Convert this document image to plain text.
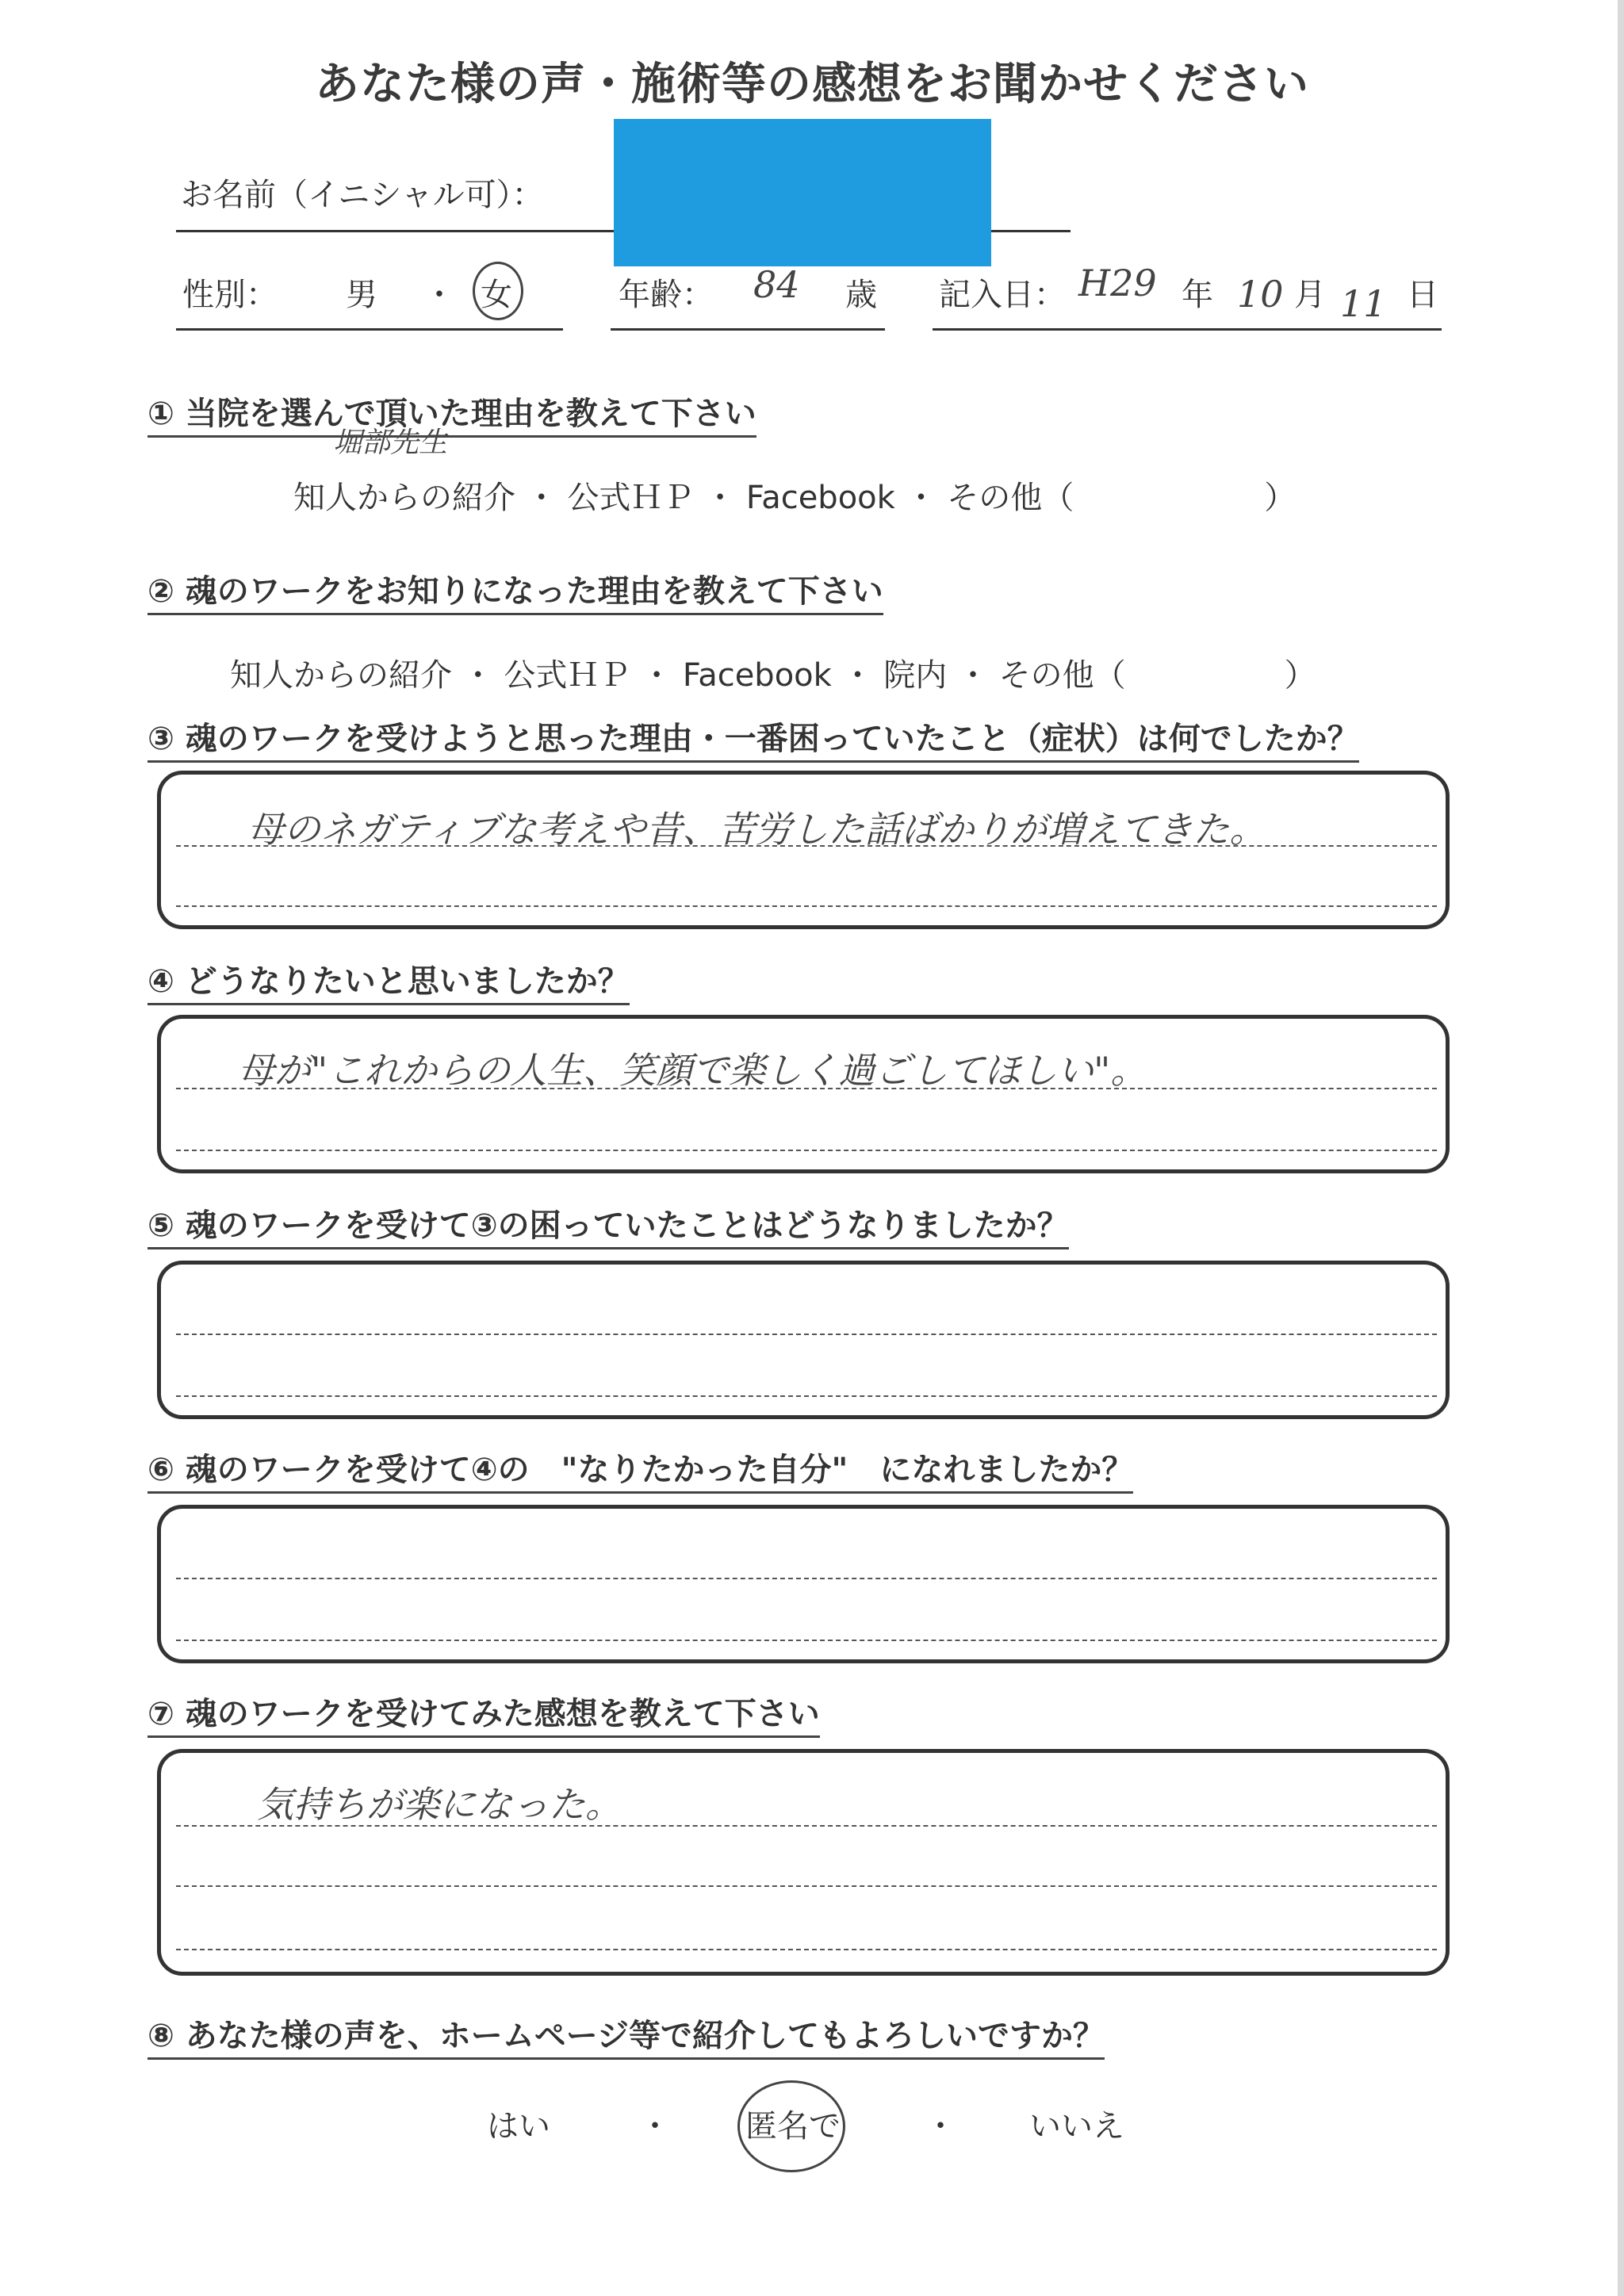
あなた様の声・施術等の感想をお聞かせください
お名前（イニシャル可）：
性別： 男 ・ 女	年齢： 84 歳 記入日： H29 年 10 月 11 日
① 当院を選んで頂いた理由を教えて下さい
堀部先生
知人からの紹介 ・ 公式ＨＰ ・ Facebook ・ その他（　　　　　　）
② 魂のワークをお知りになった理由を教えて下さい
知人からの紹介 ・ 公式ＨＰ ・ Facebook ・ 院内 ・ その他（　　　　　）
③ 魂のワークを受けようと思った理由・一番困っていたこと（症状）は何でしたか？
母のネガティブな考えや昔、苦労した話ばかりが増えてきた。
④ どうなりたいと思いましたか？
母が"これからの人生、笑顔で楽しく過ごしてほしい"。
⑤ 魂のワークを受けて③の困っていたことはどうなりましたか？
⑥ 魂のワークを受けて④の　"なりたかった自分"　になれましたか？
⑦ 魂のワークを受けてみた感想を教えて下さい
気持ちが楽になった。
⑧ あなた様の声を、ホームページ等で紹介してもよろしいですか？
はい	・ 匿名で	・ いいえ
